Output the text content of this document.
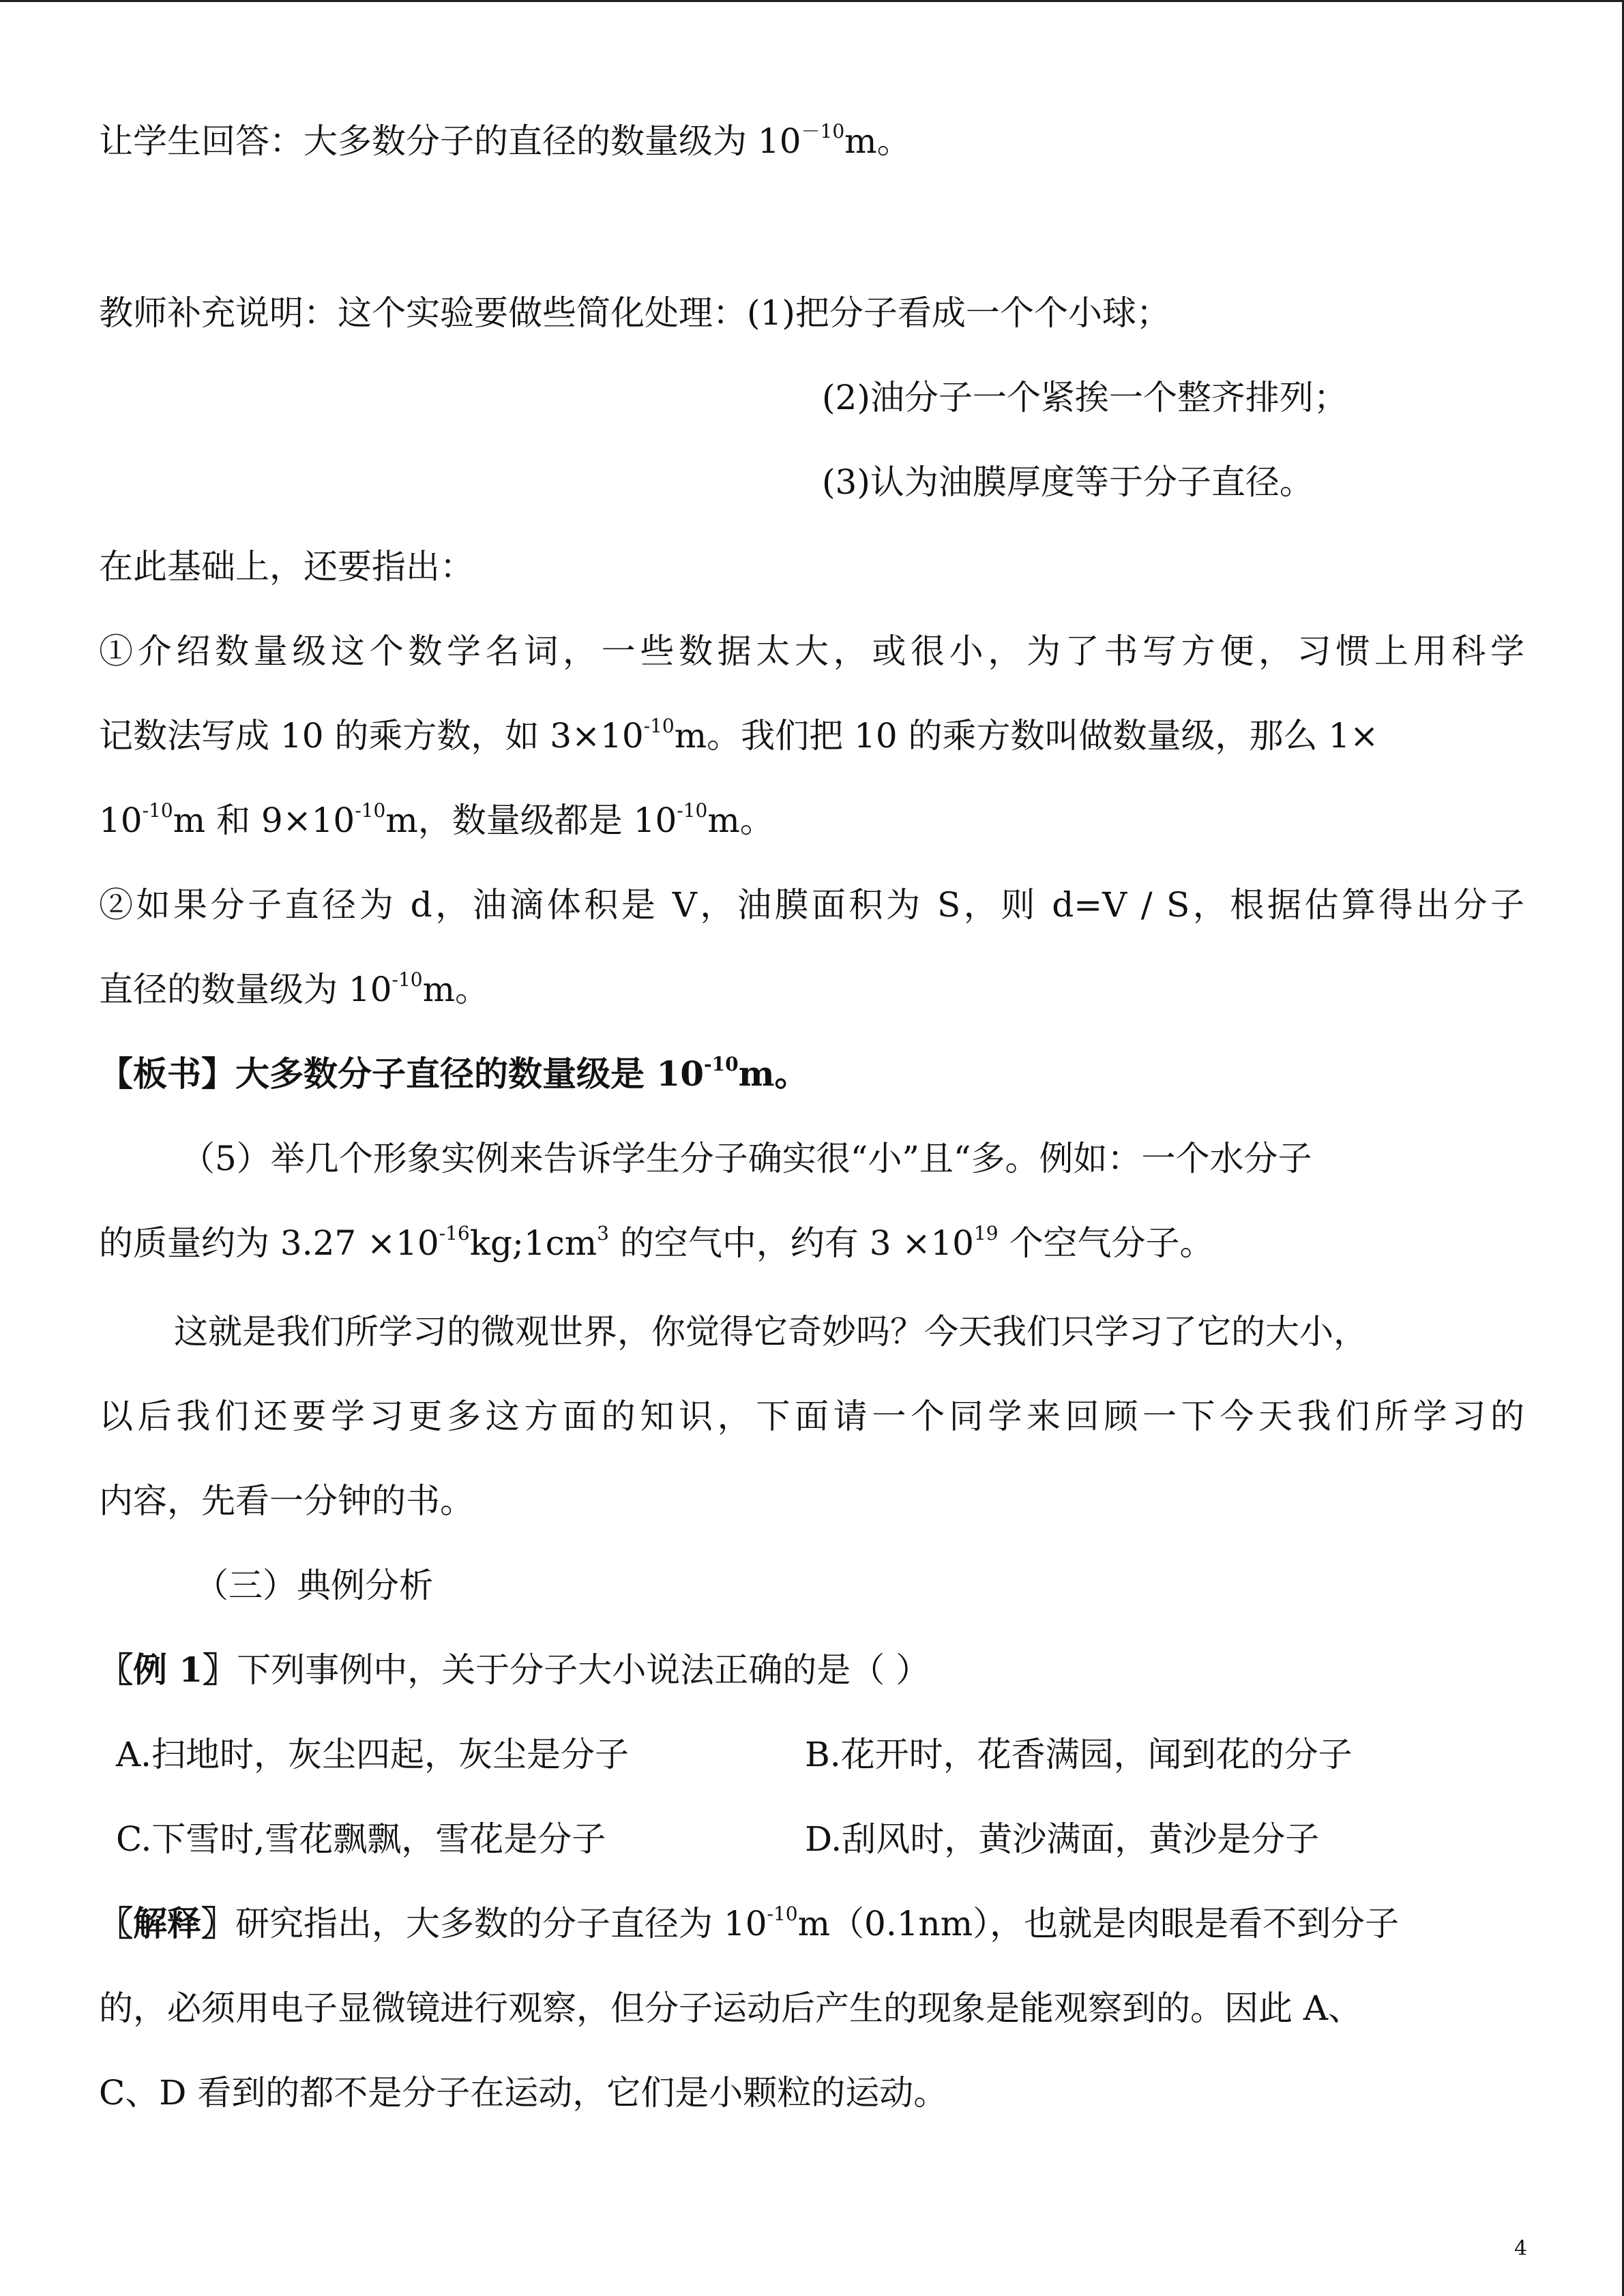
让学生回答：大多数分子的直径的数量级为 $10^{-10}m$。
教师补充说明：这个实验要做些简化处理：(1)把分子看成一个个小球；
(2)油分子一个紧挨一个整齐排列；
(3)认为油膜厚度等于分子直径。
在此基础上，还要指出：
①介绍数量级这个数学名词，一些数据太大，或很小，为了书写方便，习惯上用科学
记数法写成 10 的乘方数，如 $3\times 10^{-10}m$。我们把 10 的乘方数叫做数量级，那么 1×
$10^{-10}m$ 和 $9\times 10^{-10}m$，数量级都是 $10^{-10}m$。
②如果分子直径为 d，油滴体积是 V，油膜面积为 S，则 d=V / S，根据估算得出分子
直径的数量级为 $10^{-10}m$。
【板书】大多数分子直径的数量级是 $10^{-10}m$。
（5）举几个形象实例来告诉学生分子确实很“小”且“多。例如：一个水分子
的质量约为 $3.27 \times 10^{-16}kg;1cm^3$ 的空气中，约有 $3 \times 10^{19}$ 个空气分子。
这就是我们所学习的微观世界，你觉得它奇妙吗？今天我们只学习了它的大小，
以后我们还要学习更多这方面的知识，下面请一个同学来回顾一下今天我们所学习的
内容，先看一分钟的书。
（三）典例分析
〖例 1〗下列事例中，关于分子大小说法正确的是（ ）
A.扫地时，灰尘四起，灰尘是分子	B.花开时，花香满园，闻到花的分子
C.下雪时,雪花飘飘，雪花是分子	D.刮风时，黄沙满面，黄沙是分子
〖解释〗研究指出，大多数的分子直径为 $10^{-10}m(0.1nm)$，也就是肉眼是看不到分子
的，必须用电子显微镜进行观察，但分子运动后产生的现象是能观察到的。因此 A、
C、D 看到的都不是分子在运动，它们是小颗粒的运动。
4
